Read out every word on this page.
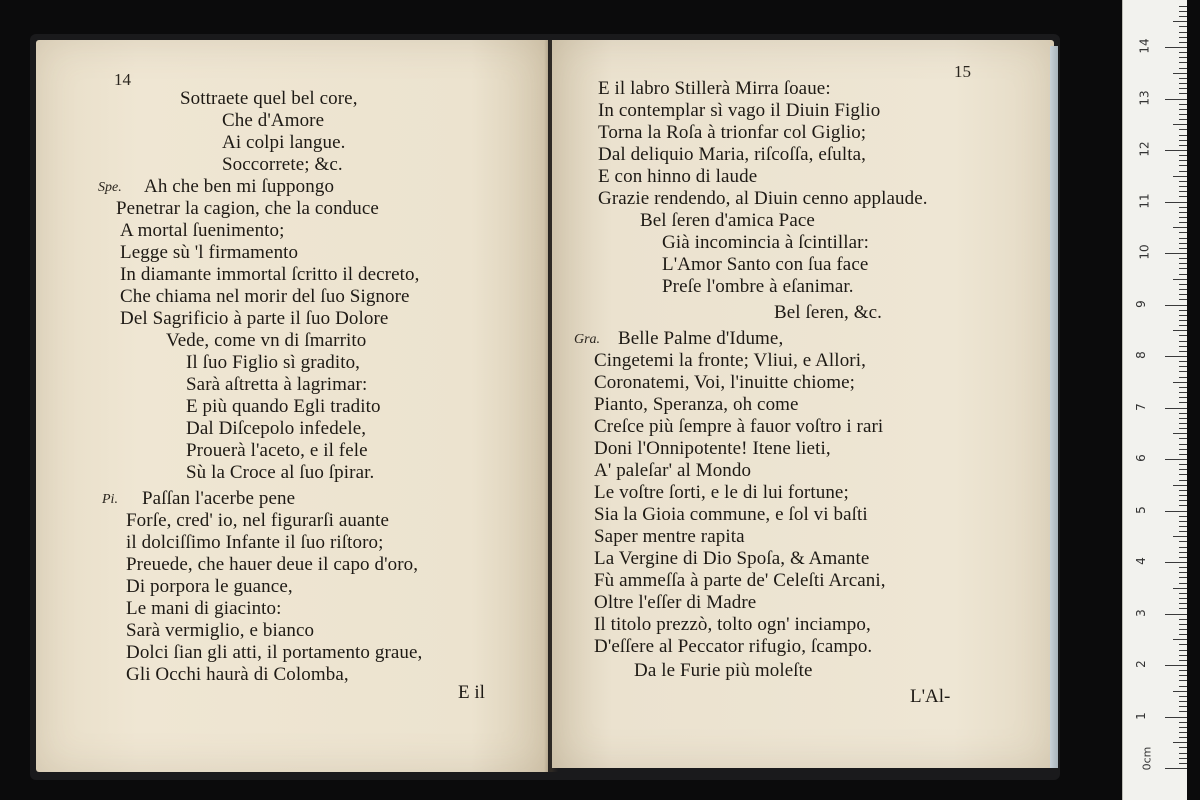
14
Sottraete quel bel core,
Che d'Amore
Ai colpi langue.
Soccorrete; &c.
Spe. Ah che ben mi ſuppongo
Penetrar la cagion, che la conduce
A mortal ſuenimento;
Legge sù 'l firmamento
In diamante immortal ſcritto il decreto,
Che chiama nel morir del ſuo Signore
Del Sagrificio à parte il ſuo Dolore
Vede, come vn di ſmarrito
Il ſuo Figlio sì gradito,
Sarà aſtretta à lagrimar:
E più quando Egli tradito
Dal Diſcepolo infedele,
Prouerà l'aceto, e il fele
Sù la Croce al ſuo ſpirar.
Pi. Paſſan l'acerbe pene
Forſe, cred' io, nel figurarſi auante
il dolciſſimo Infante il ſuo riſtoro;
Preuede, che hauer deue il capo d'oro,
Di porpora le guance,
Le mani di giacinto:
Sarà vermiglio, e bianco
Dolci ſian gli atti, il portamento graue,
Gli Occhi haurà di Colomba,
E il
15
E il labro Stillerà Mirra ſoaue:
In contemplar sì vago il Diuin Figlio
Torna la Roſa à trionfar col Giglio;
Dal deliquio Maria, riſcoſſa, eſulta,
E con hinno di laude
Grazie rendendo, al Diuin cenno applaude.
Bel ſeren d'amica Pace
Già incomincia à ſcintillar:
L'Amor Santo con ſua face
Preſe l'ombre à eſanimar.
Bel ſeren, &c.
Gra. Belle Palme d'Idume,
Cingetemi la fronte; Vliui, e Allori,
Coronatemi, Voi, l'inuitte chiome;
Pianto, Speranza, oh come
Creſce più ſempre à fauor voſtro i rari
Doni l'Onnipotente! Itene lieti,
A' paleſar' al Mondo
Le voſtre ſorti, e le di lui fortune;
Sia la Gioia commune, e ſol vi baſti
Saper mentre rapita
La Vergine di Dio Spoſa, & Amante
Fù ammeſſa à parte de' Celeſti Arcani,
Oltre l'eſſer di Madre
Il titolo prezzò, tolto ogn' inciampo,
D'eſſere al Peccator rifugio, ſcampo.
Da le Furie più moleſte
L'Al-
0cm
1
2
3
4
5
6
7
8
9
10
11
12
13
14
